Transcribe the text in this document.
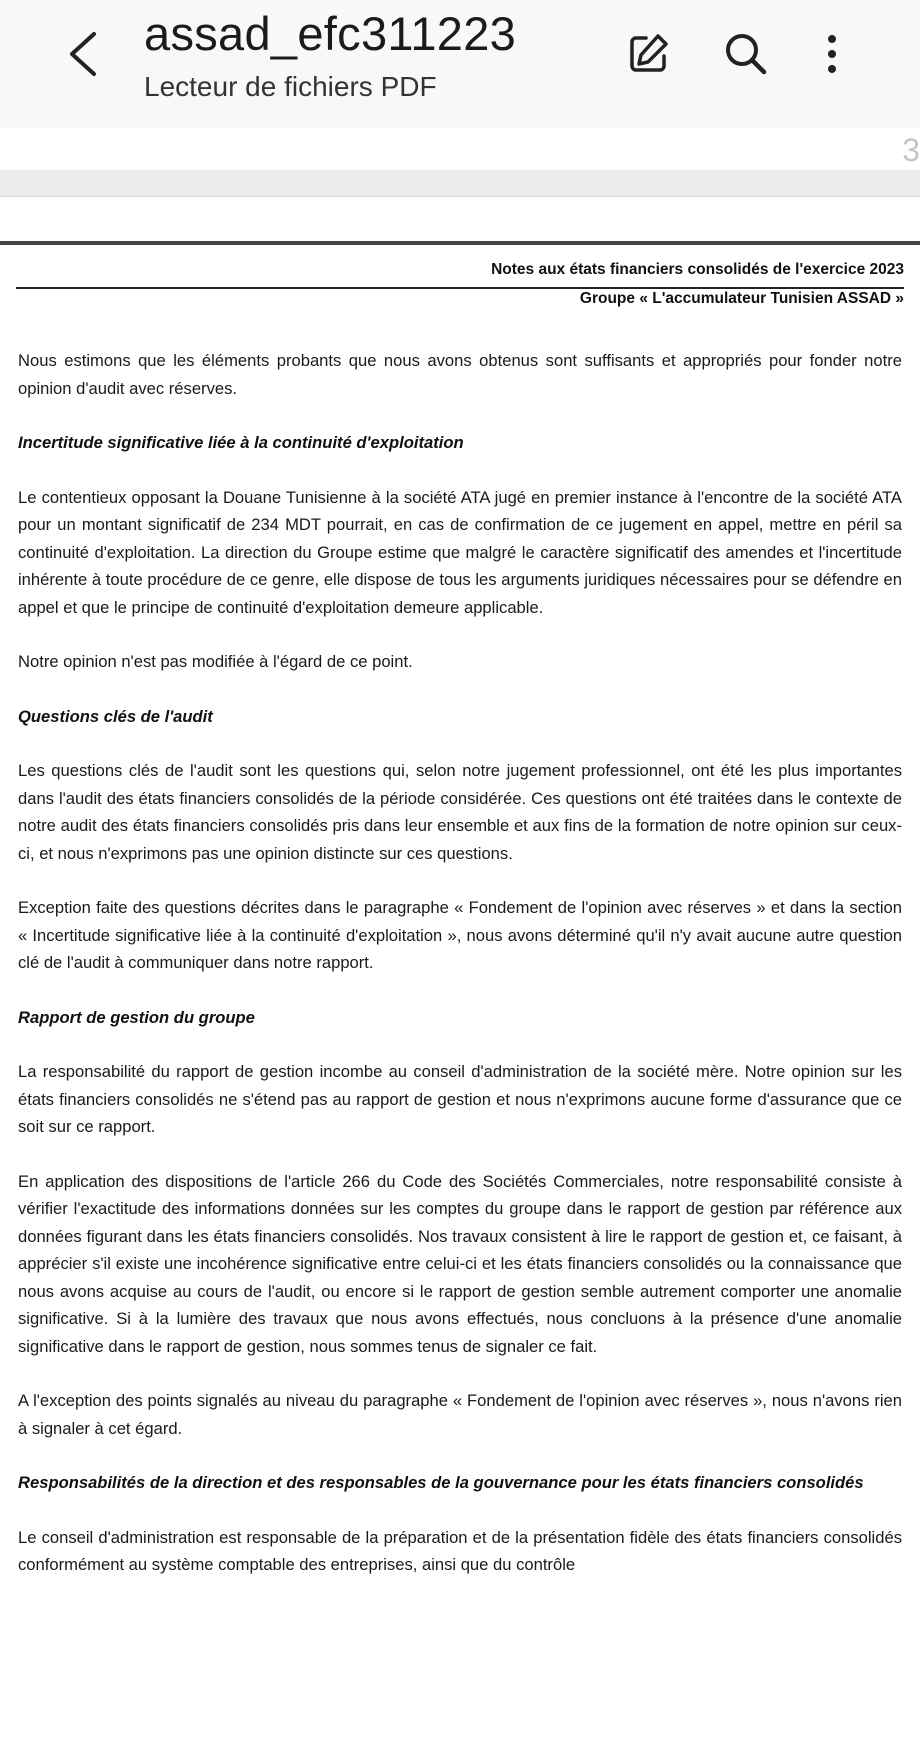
assad_efc311223
Lecteur de fichiers PDF
3
Notes aux états financiers consolidés de l'exercice 2023
Groupe « L'accumulateur Tunisien ASSAD »

Nous estimons que les éléments probants que nous avons obtenus sont suffisants et appropriés pour fonder notre opinion d'audit avec réserves.

Incertitude significative liée à la continuité d'exploitation

Le contentieux opposant la Douane Tunisienne à la société ATA jugé en premier instance à l'encontre de la société ATA pour un montant significatif de 234 MDT pourrait, en cas de confirmation de ce jugement en appel, mettre en péril sa continuité d'exploitation. La direction du Groupe estime que malgré le caractère significatif des amendes et l'incertitude inhérente à toute procédure de ce genre, elle dispose de tous les arguments juridiques nécessaires pour se défendre en appel et que le principe de continuité d'exploitation demeure applicable.

Notre opinion n'est pas modifiée à l'égard de ce point.

Questions clés de l'audit

Les questions clés de l'audit sont les questions qui, selon notre jugement professionnel, ont été les plus importantes dans l'audit des états financiers consolidés de la période considérée. Ces questions ont été traitées dans le contexte de notre audit des états financiers consolidés pris dans leur ensemble et aux fins de la formation de notre opinion sur ceux-ci, et nous n'exprimons pas une opinion distincte sur ces questions.

Exception faite des questions décrites dans le paragraphe « Fondement de l'opinion avec réserves » et dans la section « Incertitude significative liée à la continuité d'exploitation », nous avons déterminé qu'il n'y avait aucune autre question clé de l'audit à communiquer dans notre rapport.

Rapport de gestion du groupe

La responsabilité du rapport de gestion incombe au conseil d'administration de la société mère. Notre opinion sur les états financiers consolidés ne s'étend pas au rapport de gestion et nous n'exprimons aucune forme d'assurance que ce soit sur ce rapport.

En application des dispositions de l'article 266 du Code des Sociétés Commerciales, notre responsabilité consiste à vérifier l'exactitude des informations données sur les comptes du groupe dans le rapport de gestion par référence aux données figurant dans les états financiers consolidés. Nos travaux consistent à lire le rapport de gestion et, ce faisant, à apprécier s'il existe une incohérence significative entre celui-ci et les états financiers consolidés ou la connaissance que nous avons acquise au cours de l'audit, ou encore si le rapport de gestion semble autrement comporter une anomalie significative. Si à la lumière des travaux que nous avons effectués, nous concluons à la présence d'une anomalie significative dans le rapport de gestion, nous sommes tenus de signaler ce fait.

A l'exception des points signalés au niveau du paragraphe « Fondement de l'opinion avec réserves », nous n'avons rien à signaler à cet égard.

Responsabilités de la direction et des responsables de la gouvernance pour les états financiers consolidés

Le conseil d'administration est responsable de la préparation et de la présentation fidèle des états financiers consolidés conformément au système comptable des entreprises, ainsi que du contrôle
